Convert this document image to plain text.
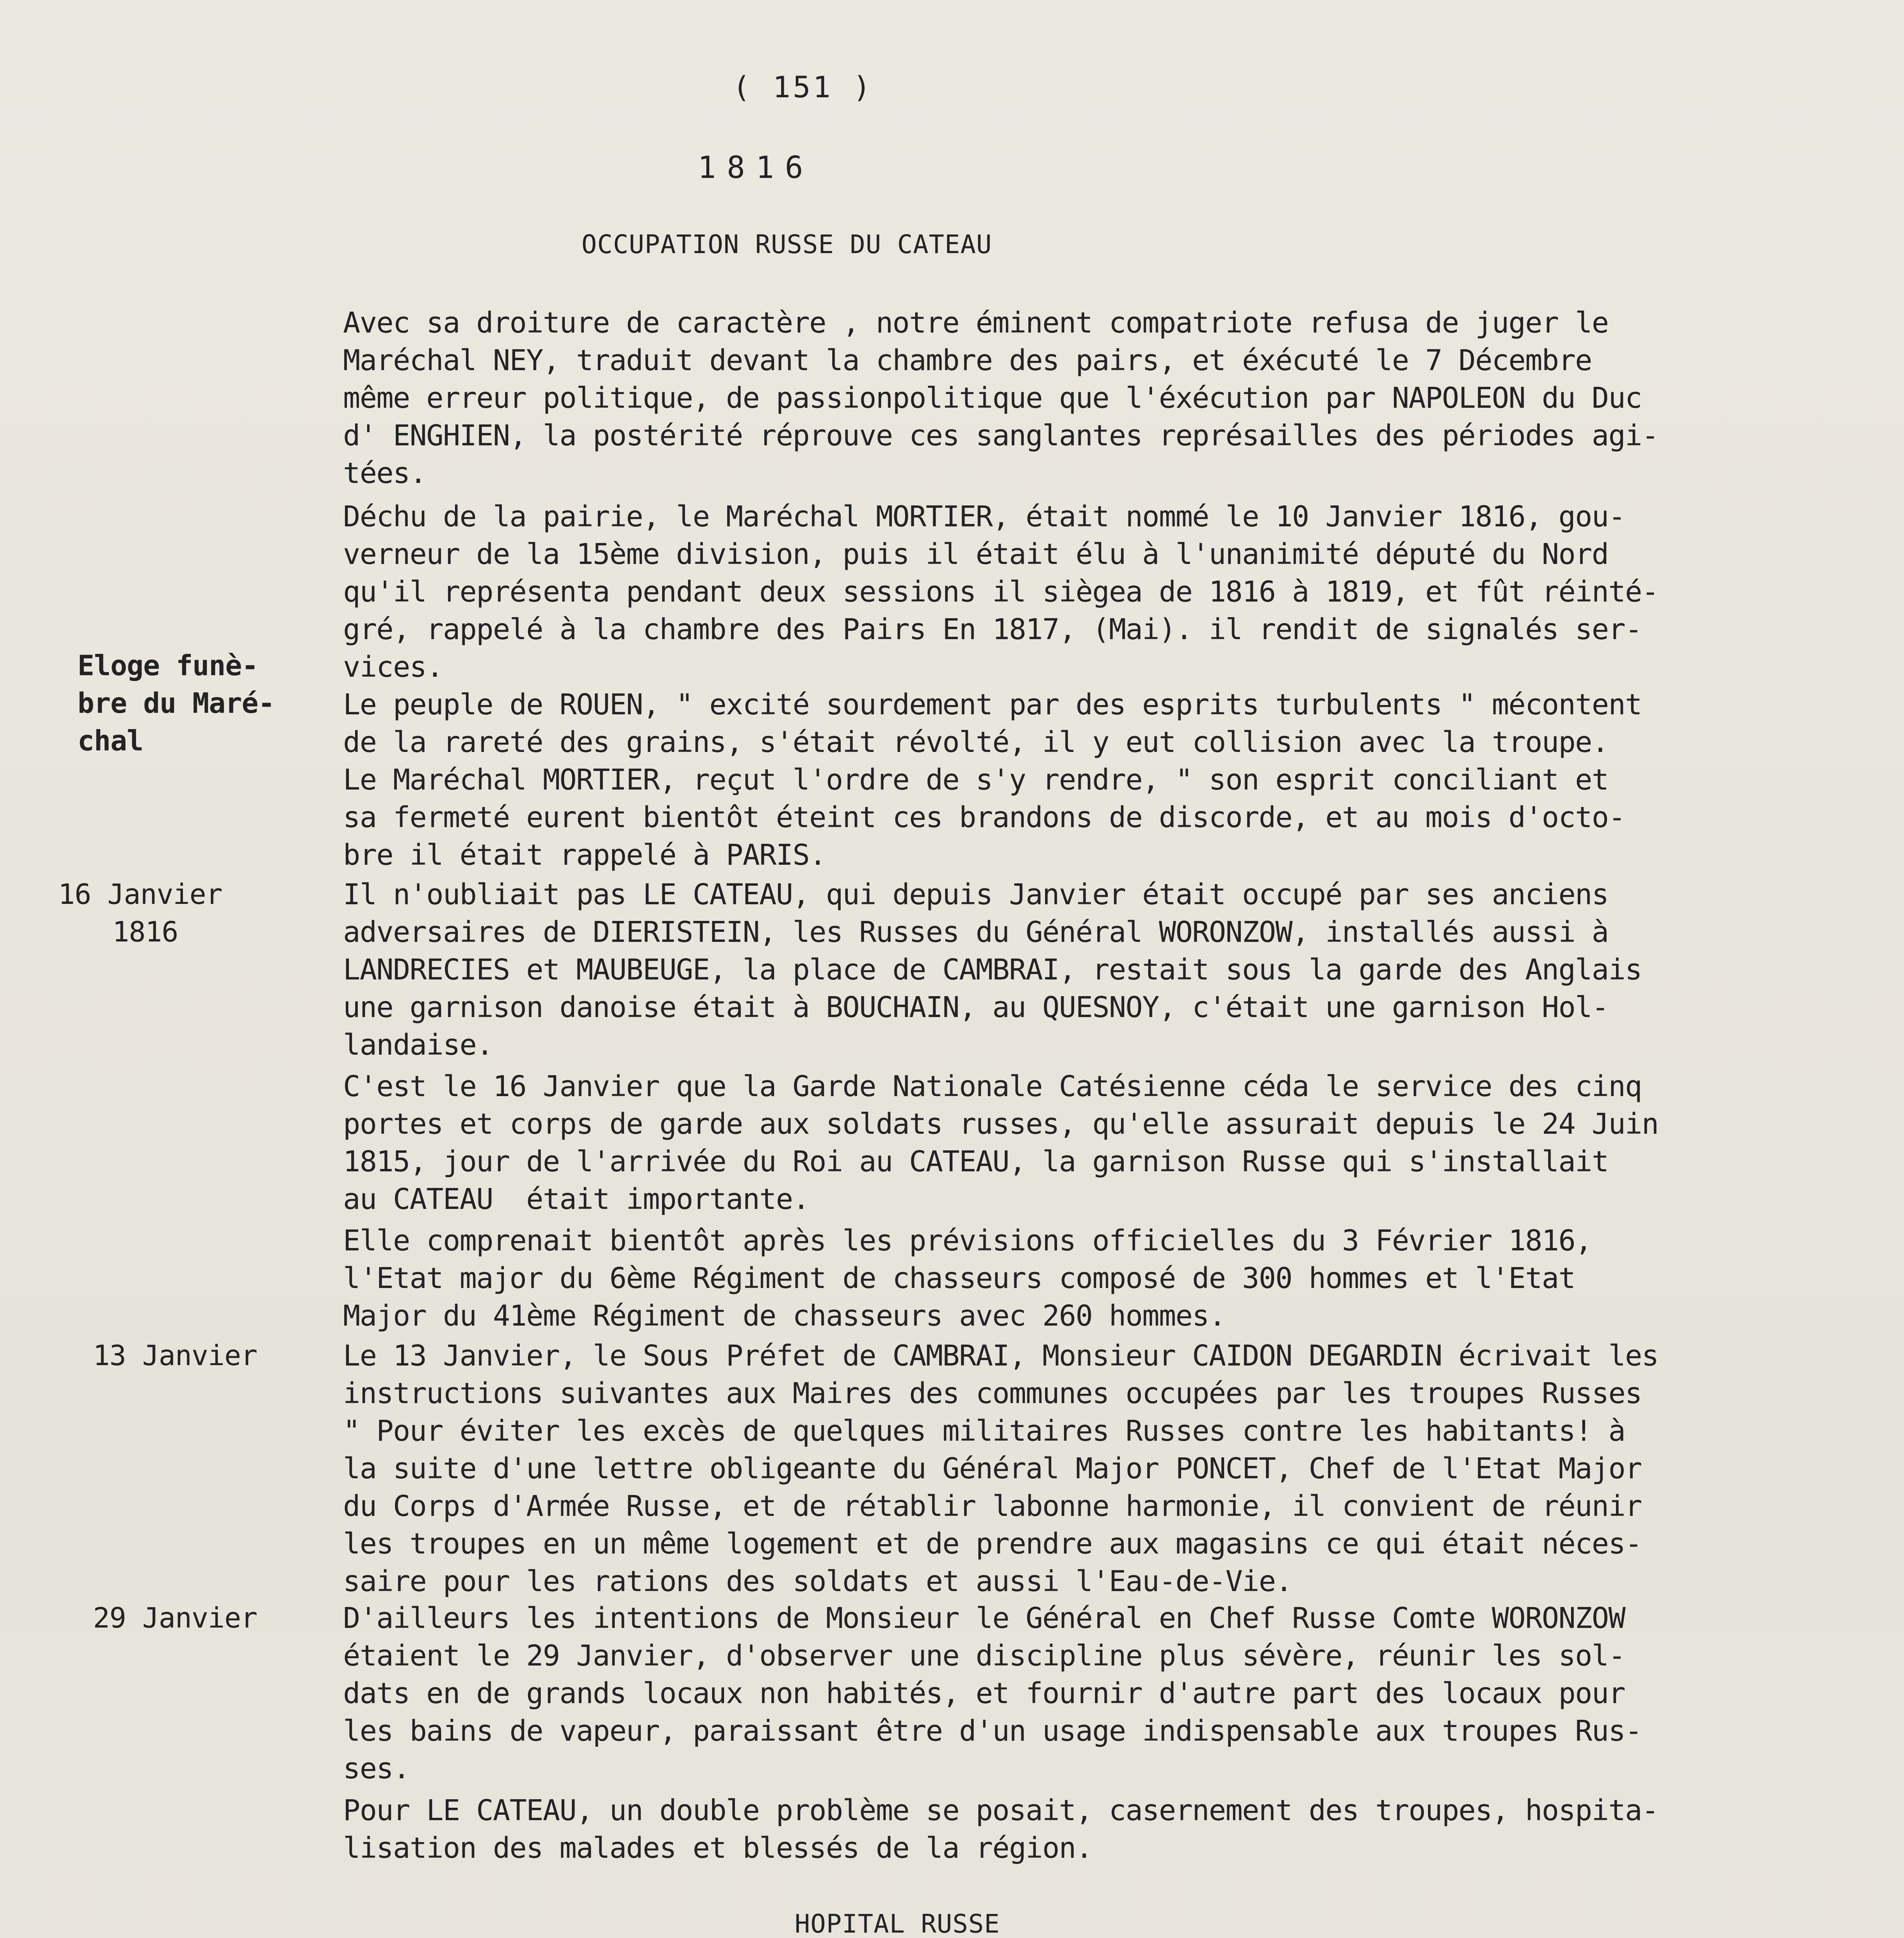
( 151 )
1816
OCCUPATION RUSSE DU CATEAU
Avec sa droiture de caractère , notre éminent compatriote refusa de juger le
Maréchal NEY, traduit devant la chambre des pairs, et éxécuté le 7 Décembre
même erreur politique, de passionpolitique que l'éxécution par NAPOLEON du Duc
d' ENGHIEN, la postérité réprouve ces sanglantes représailles des périodes agi-
tées.
Déchu de la pairie, le Maréchal MORTIER, était nommé le 10 Janvier 1816, gou-
verneur de la 15ème division, puis il était élu à l'unanimité député du Nord
qu'il représenta pendant deux sessions il siègea de 1816 à 1819, et fût réinté-
gré, rappelé à la chambre des Pairs En 1817, (Mai). il rendit de signalés ser-
vices.
Le peuple de ROUEN, " excité sourdement par des esprits turbulents " mécontent
de la rareté des grains, s'était révolté, il y eut collision avec la troupe.
Le Maréchal MORTIER, reçut l'ordre de s'y rendre, " son esprit conciliant et
sa fermeté eurent bientôt éteint ces brandons de discorde, et au mois d'octo-
bre il était rappelé à PARIS.
Il n'oubliait pas LE CATEAU, qui depuis Janvier était occupé par ses anciens
adversaires de DIERISTEIN, les Russes du Général WORONZOW, installés aussi à
LANDRECIES et MAUBEUGE, la place de CAMBRAI, restait sous la garde des Anglais
une garnison danoise était à BOUCHAIN, au QUESNOY, c'était une garnison Hol-
landaise.
C'est le 16 Janvier que la Garde Nationale Catésienne céda le service des cinq
portes et corps de garde aux soldats russes, qu'elle assurait depuis le 24 Juin
1815, jour de l'arrivée du Roi au CATEAU, la garnison Russe qui s'installait
au CATEAU  était importante.
Elle comprenait bientôt après les prévisions officielles du 3 Février 1816,
l'Etat major du 6ème Régiment de chasseurs composé de 300 hommes et l'Etat
Major du 41ème Régiment de chasseurs avec 260 hommes.
Le 13 Janvier, le Sous Préfet de CAMBRAI, Monsieur CAIDON DEGARDIN écrivait les
instructions suivantes aux Maires des communes occupées par les troupes Russes
" Pour éviter les excès de quelques militaires Russes contre les habitants! à
la suite d'une lettre obligeante du Général Major PONCET, Chef de l'Etat Major
du Corps d'Armée Russe, et de rétablir labonne harmonie, il convient de réunir
les troupes en un même logement et de prendre aux magasins ce qui était néces-
saire pour les rations des soldats et aussi l'Eau-de-Vie.
D'ailleurs les intentions de Monsieur le Général en Chef Russe Comte WORONZOW
étaient le 29 Janvier, d'observer une discipline plus sévère, réunir les sol-
dats en de grands locaux non habités, et fournir d'autre part des locaux pour
les bains de vapeur, paraissant être d'un usage indispensable aux troupes Rus-
ses.
Pour LE CATEAU, un double problème se posait, casernement des troupes, hospita-
lisation des malades et blessés de la région.
HOPITAL RUSSE
Eloge funè-
bre du Maré-
chal
16 Janvier
1816
13 Janvier
29 Janvier
